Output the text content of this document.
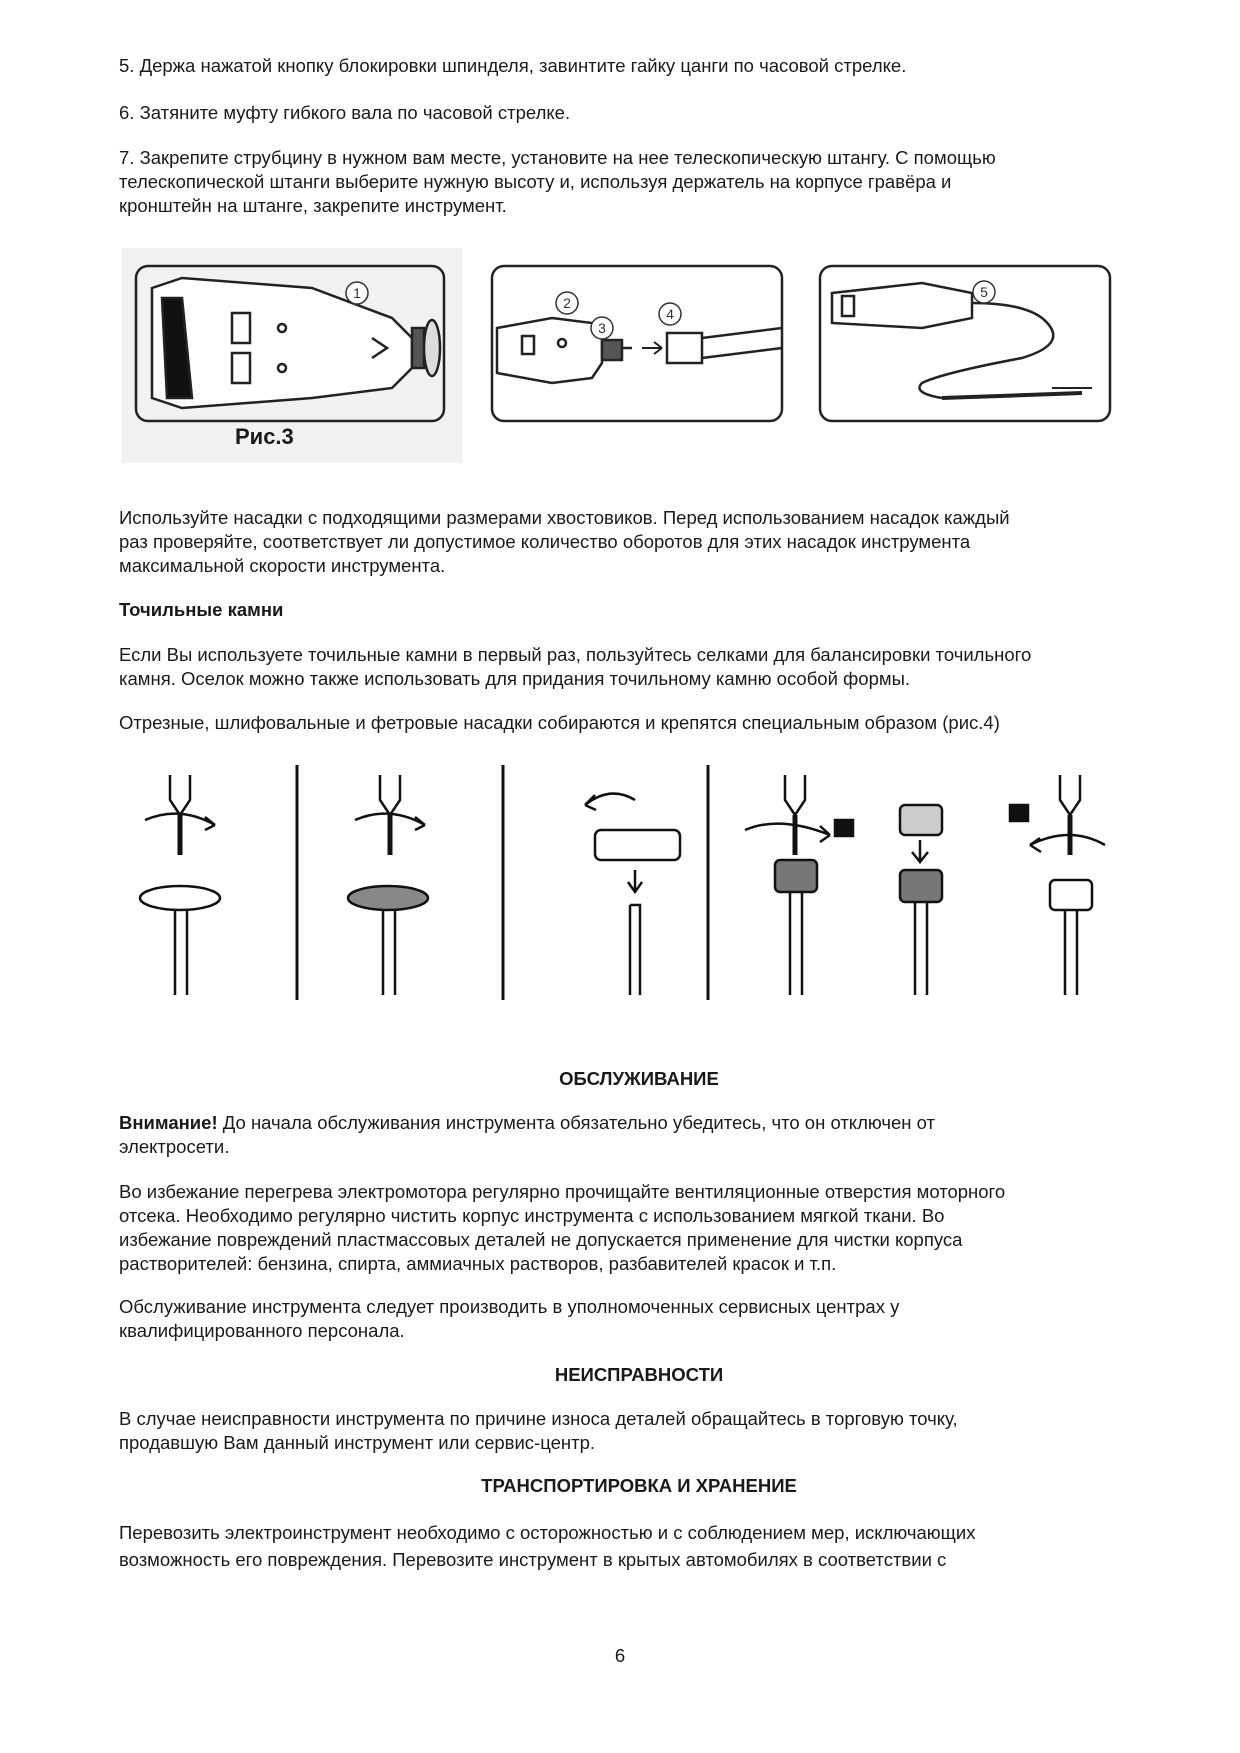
5. Держа нажатой кнопку блокировки шпинделя, завинтите гайку цанги по часовой стрелке.

6. Затяните муфту гибкого вала по часовой стрелке.

7. Закрепите струбцину в нужном вам месте, установите на нее телескопическую штангу. С помощью
телескопической штанги выберите нужную высоту и, используя держатель на корпусе гравёра и
кронштейн на штанге, закрепите инструмент.
1
2
3
4
5
Рис.3
Используйте насадки с подходящими размерами хвостовиков. Перед использованием насадок каждый
раз проверяйте, соответствует ли допустимое количество оборотов для этих насадок инструмента
максимальной скорости инструмента.

Точильные камни

Если Вы используете точильные камни в первый раз, пользуйтесь селками для балансировки точильного
камня. Оселок можно также использовать для придания точильному камню особой формы.

Отрезные, шлифовальные и фетровые насадки собираются и крепятся специальным образом (рис.4)

ОБСЛУЖИВАНИЕ

Внимание! До начала обслуживания инструмента обязательно убедитесь, что он отключен от
электросети.
Во избежание перегрева электромотора регулярно прочищайте вентиляционные отверстия моторного
отсека. Необходимо регулярно чистить корпус инструмента с использованием мягкой ткани. Во
избежание повреждений пластмассовых деталей не допускается применение для чистки корпуса
растворителей: бензина, спирта, аммиачных растворов, разбавителей красок и т.п.
Обслуживание инструмента следует производить в уполномоченных сервисных центрах у
квалифицированного персонала.

НЕИСПРАВНОСТИ

В случае неисправности инструмента по причине износа деталей обращайтесь в торговую точку,
продавшую Вам данный инструмент или сервис-центр.

ТРАНСПОРТИРОВКА И ХРАНЕНИЕ

Перевозить электроинструмент необходимо с осторожностью и с соблюдением мер, исключающих
возможность его повреждения. Перевозите инструмент в крытых автомобилях в соответствии с
6
